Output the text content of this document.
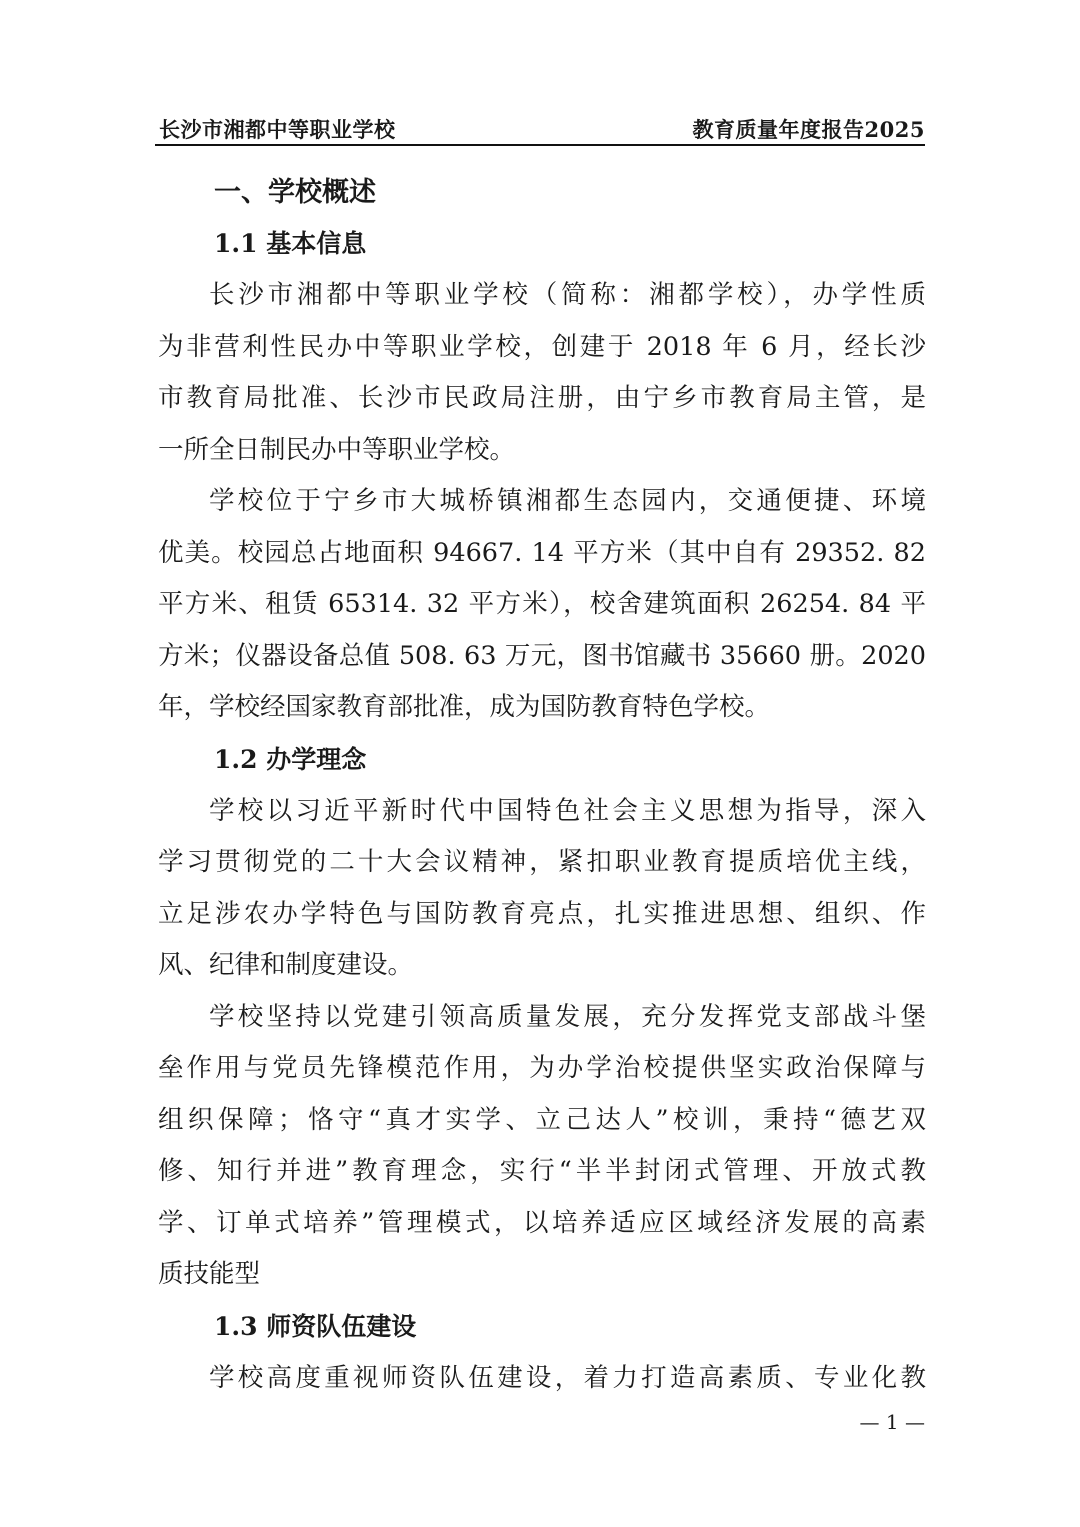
长沙市湘都中等职业学校	教育质量年度报告2025
一、学校概述
1.1 基本信息
长沙市湘都中等职业学校（简称：湘都学校），办学性质
为非营利性民办中等职业学校，创建于 2018 年 6 月，经长沙
市教育局批准、长沙市民政局注册，由宁乡市教育局主管，是
一所全日制民办中等职业学校。
学校位于宁乡市大城桥镇湘都生态园内，交通便捷、环境
优美。校园总占地面积 94667. 14 平方米（其中自有 29352. 82
平方米、租赁 65314. 32 平方米），校舍建筑面积 26254. 84 平
方米；仪器设备总值 508. 63 万元，图书馆藏书 35660 册。2020
年，学校经国家教育部批准，成为国防教育特色学校。
1.2 办学理念
学校以习近平新时代中国特色社会主义思想为指导，深入
学习贯彻党的二十大会议精神，紧扣职业教育提质培优主线，
立足涉农办学特色与国防教育亮点，扎实推进思想、组织、作
风、纪律和制度建设。
学校坚持以党建引领高质量发展，充分发挥党支部战斗堡
垒作用与党员先锋模范作用，为办学治校提供坚实政治保障与
组织保障；恪守“真才实学、立己达人”校训，秉持“德艺双
修、知行并进”教育理念，实行“半半封闭式管理、开放式教
学、订单式培养”管理模式，以培养适应区域经济发展的高素
质技能型
1.3 师资队伍建设
学校高度重视师资队伍建设，着力打造高素质、专业化教
— 1 —
